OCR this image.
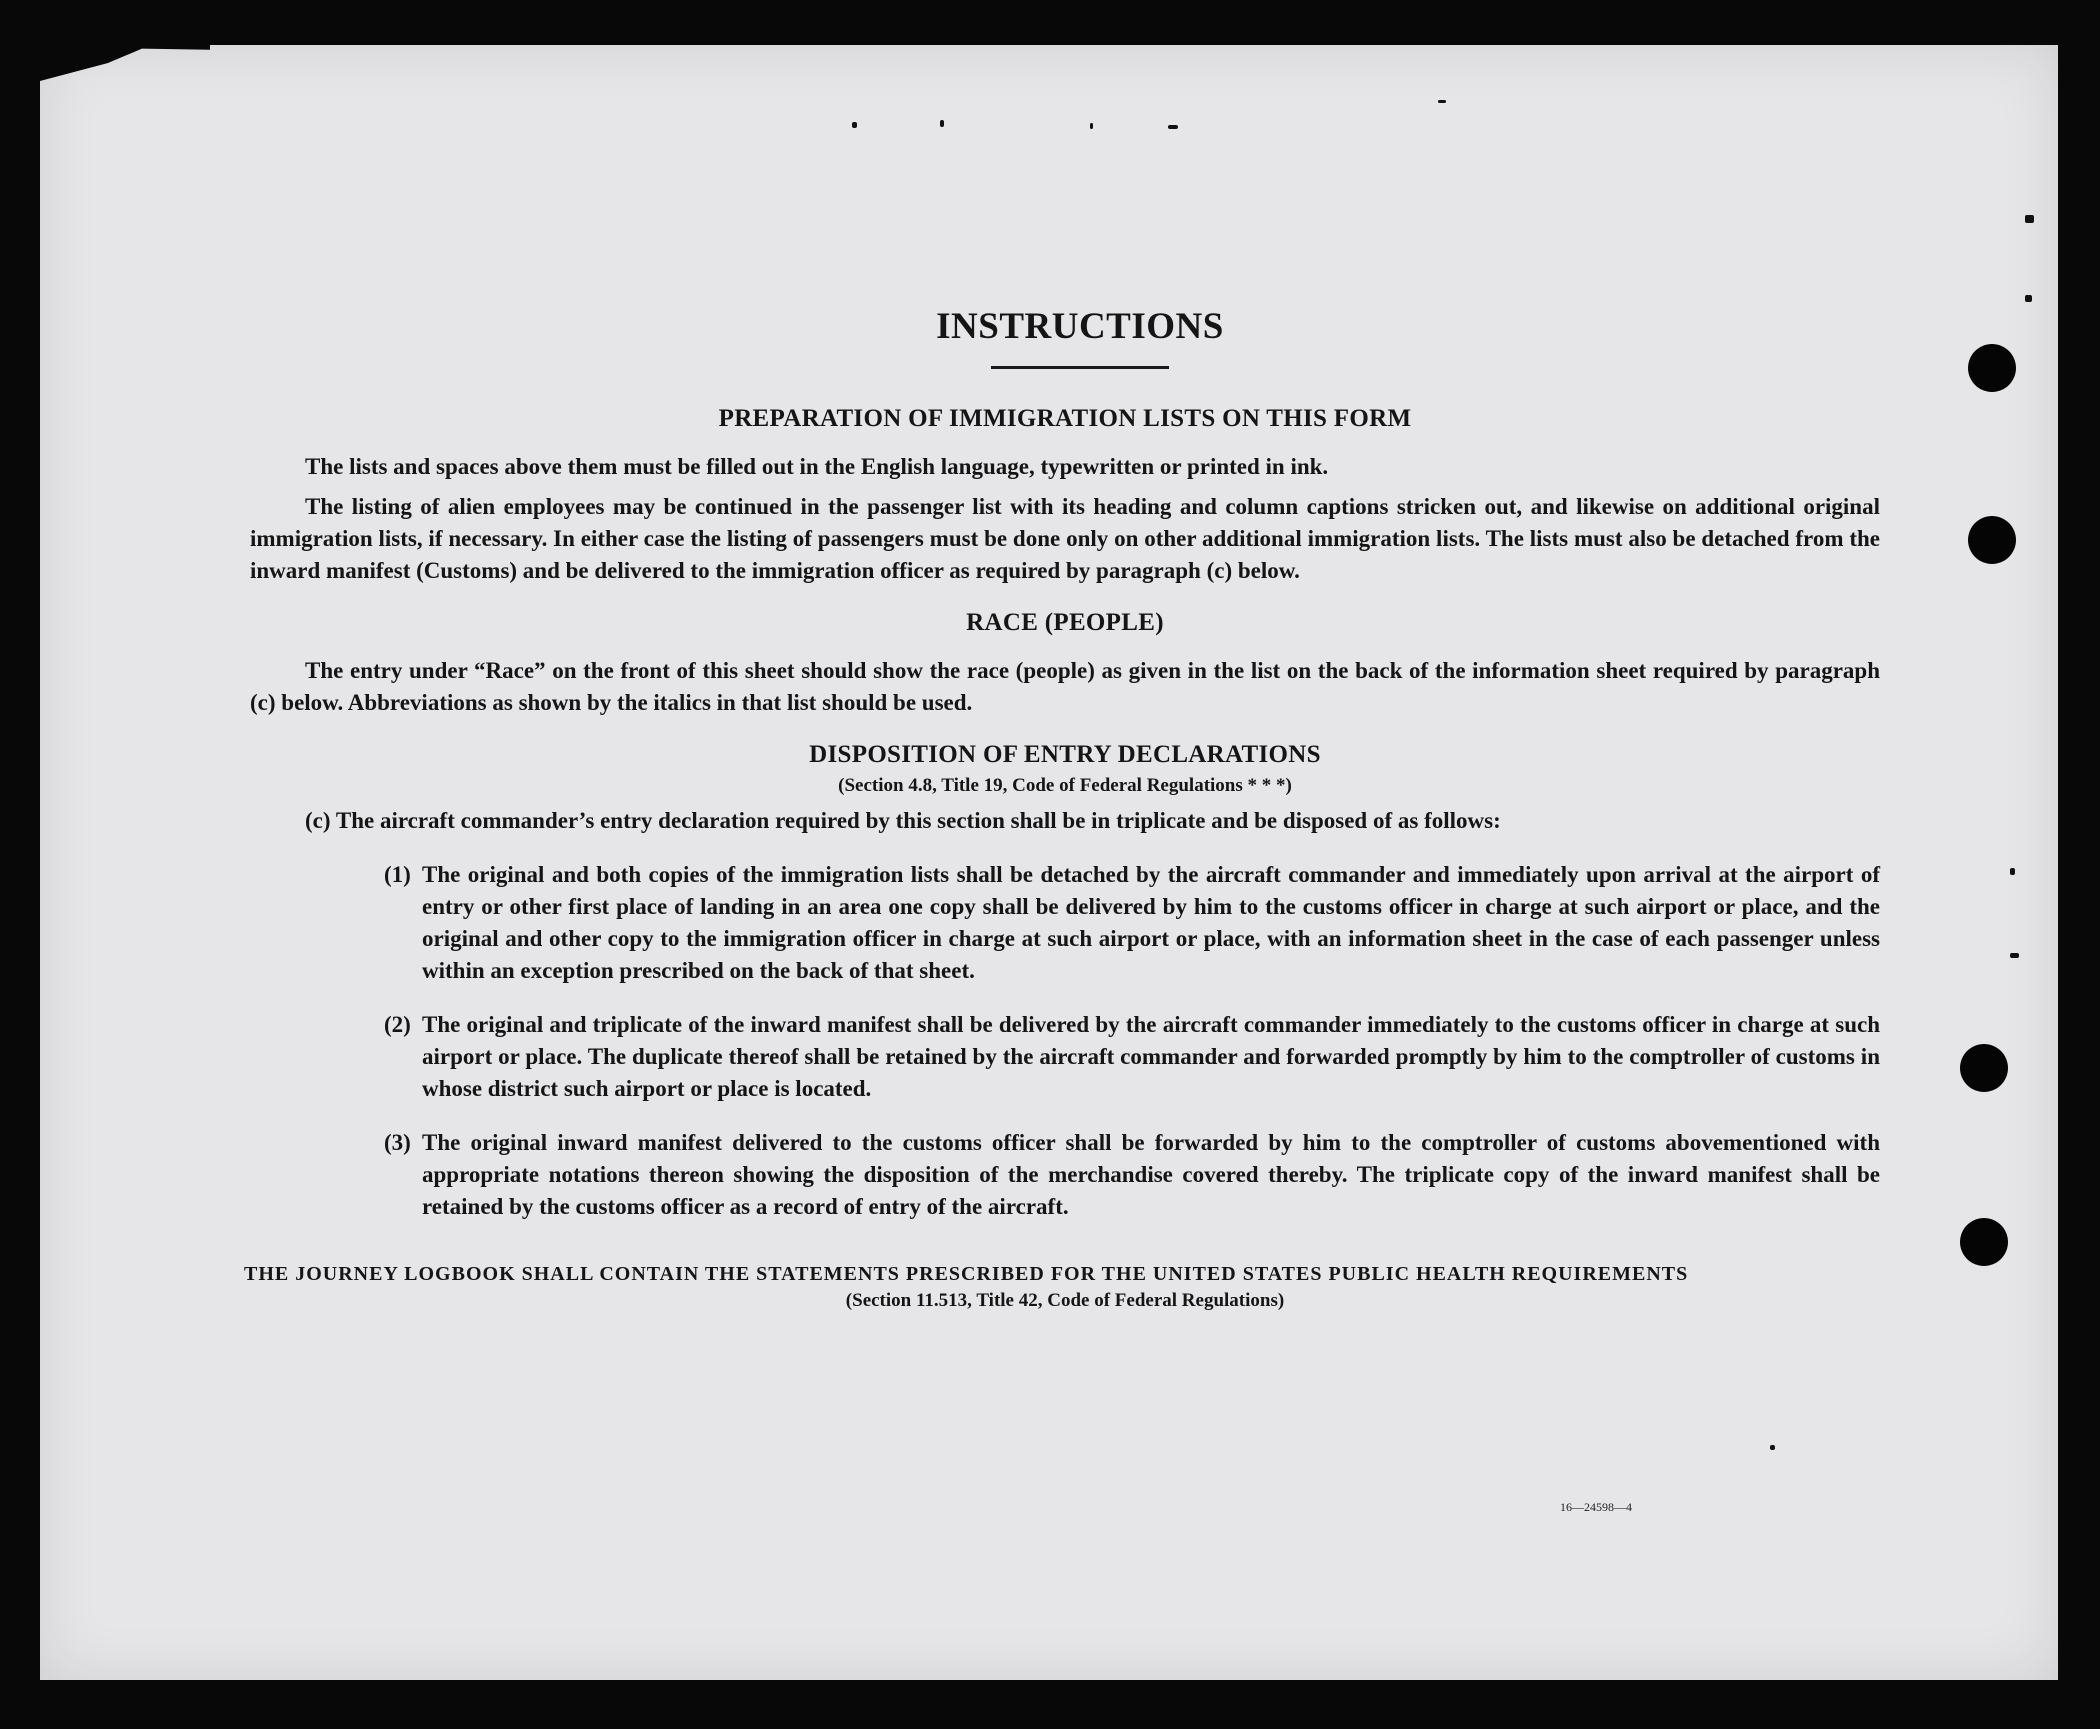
16—24598—4
INSTRUCTIONS
PREPARATION OF IMMIGRATION LISTS ON THIS FORM

The lists and spaces above them must be filled out in the English language, typewritten or printed in ink.

The listing of alien employees may be continued in the passenger list with its heading and column captions stricken out, and likewise on additional original immigration lists, if necessary. In either case the listing of passengers must be done only on other additional immigration lists. The lists must also be detached from the inward manifest (Customs) and be delivered to the immigration officer as required by paragraph (c) below.

RACE (PEOPLE)

The entry under “Race” on the front of this sheet should show the race (people) as given in the list on the back of the information sheet required by paragraph (c) below. Abbreviations as shown by the italics in that list should be used.

DISPOSITION OF ENTRY DECLARATIONS

(Section 4.8, Title 19, Code of Federal Regulations * * *)

(c) The aircraft commander’s entry declaration required by this section shall be in triplicate and be disposed of as follows:

(1) The original and both copies of the immigration lists shall be detached by the aircraft commander and immediately upon arrival at the airport of entry or other first place of landing in an area one copy shall be delivered by him to the customs officer in charge at such airport or place, and the original and other copy to the immigration officer in charge at such airport or place, with an information sheet in the case of each passenger unless within an exception prescribed on the back of that sheet.

(2) The original and triplicate of the inward manifest shall be delivered by the aircraft commander immediately to the customs officer in charge at such airport or place. The duplicate thereof shall be retained by the aircraft commander and forwarded promptly by him to the comptroller of customs in whose district such airport or place is located.

(3) The original inward manifest delivered to the customs officer shall be forwarded by him to the comptroller of customs abovementioned with appropriate notations thereon showing the disposition of the merchandise covered thereby. The triplicate copy of the inward manifest shall be retained by the customs officer as a record of entry of the aircraft.

THE JOURNEY LOGBOOK SHALL CONTAIN THE STATEMENTS PRESCRIBED FOR THE UNITED STATES PUBLIC HEALTH REQUIREMENTS

(Section 11.513, Title 42, Code of Federal Regulations)
